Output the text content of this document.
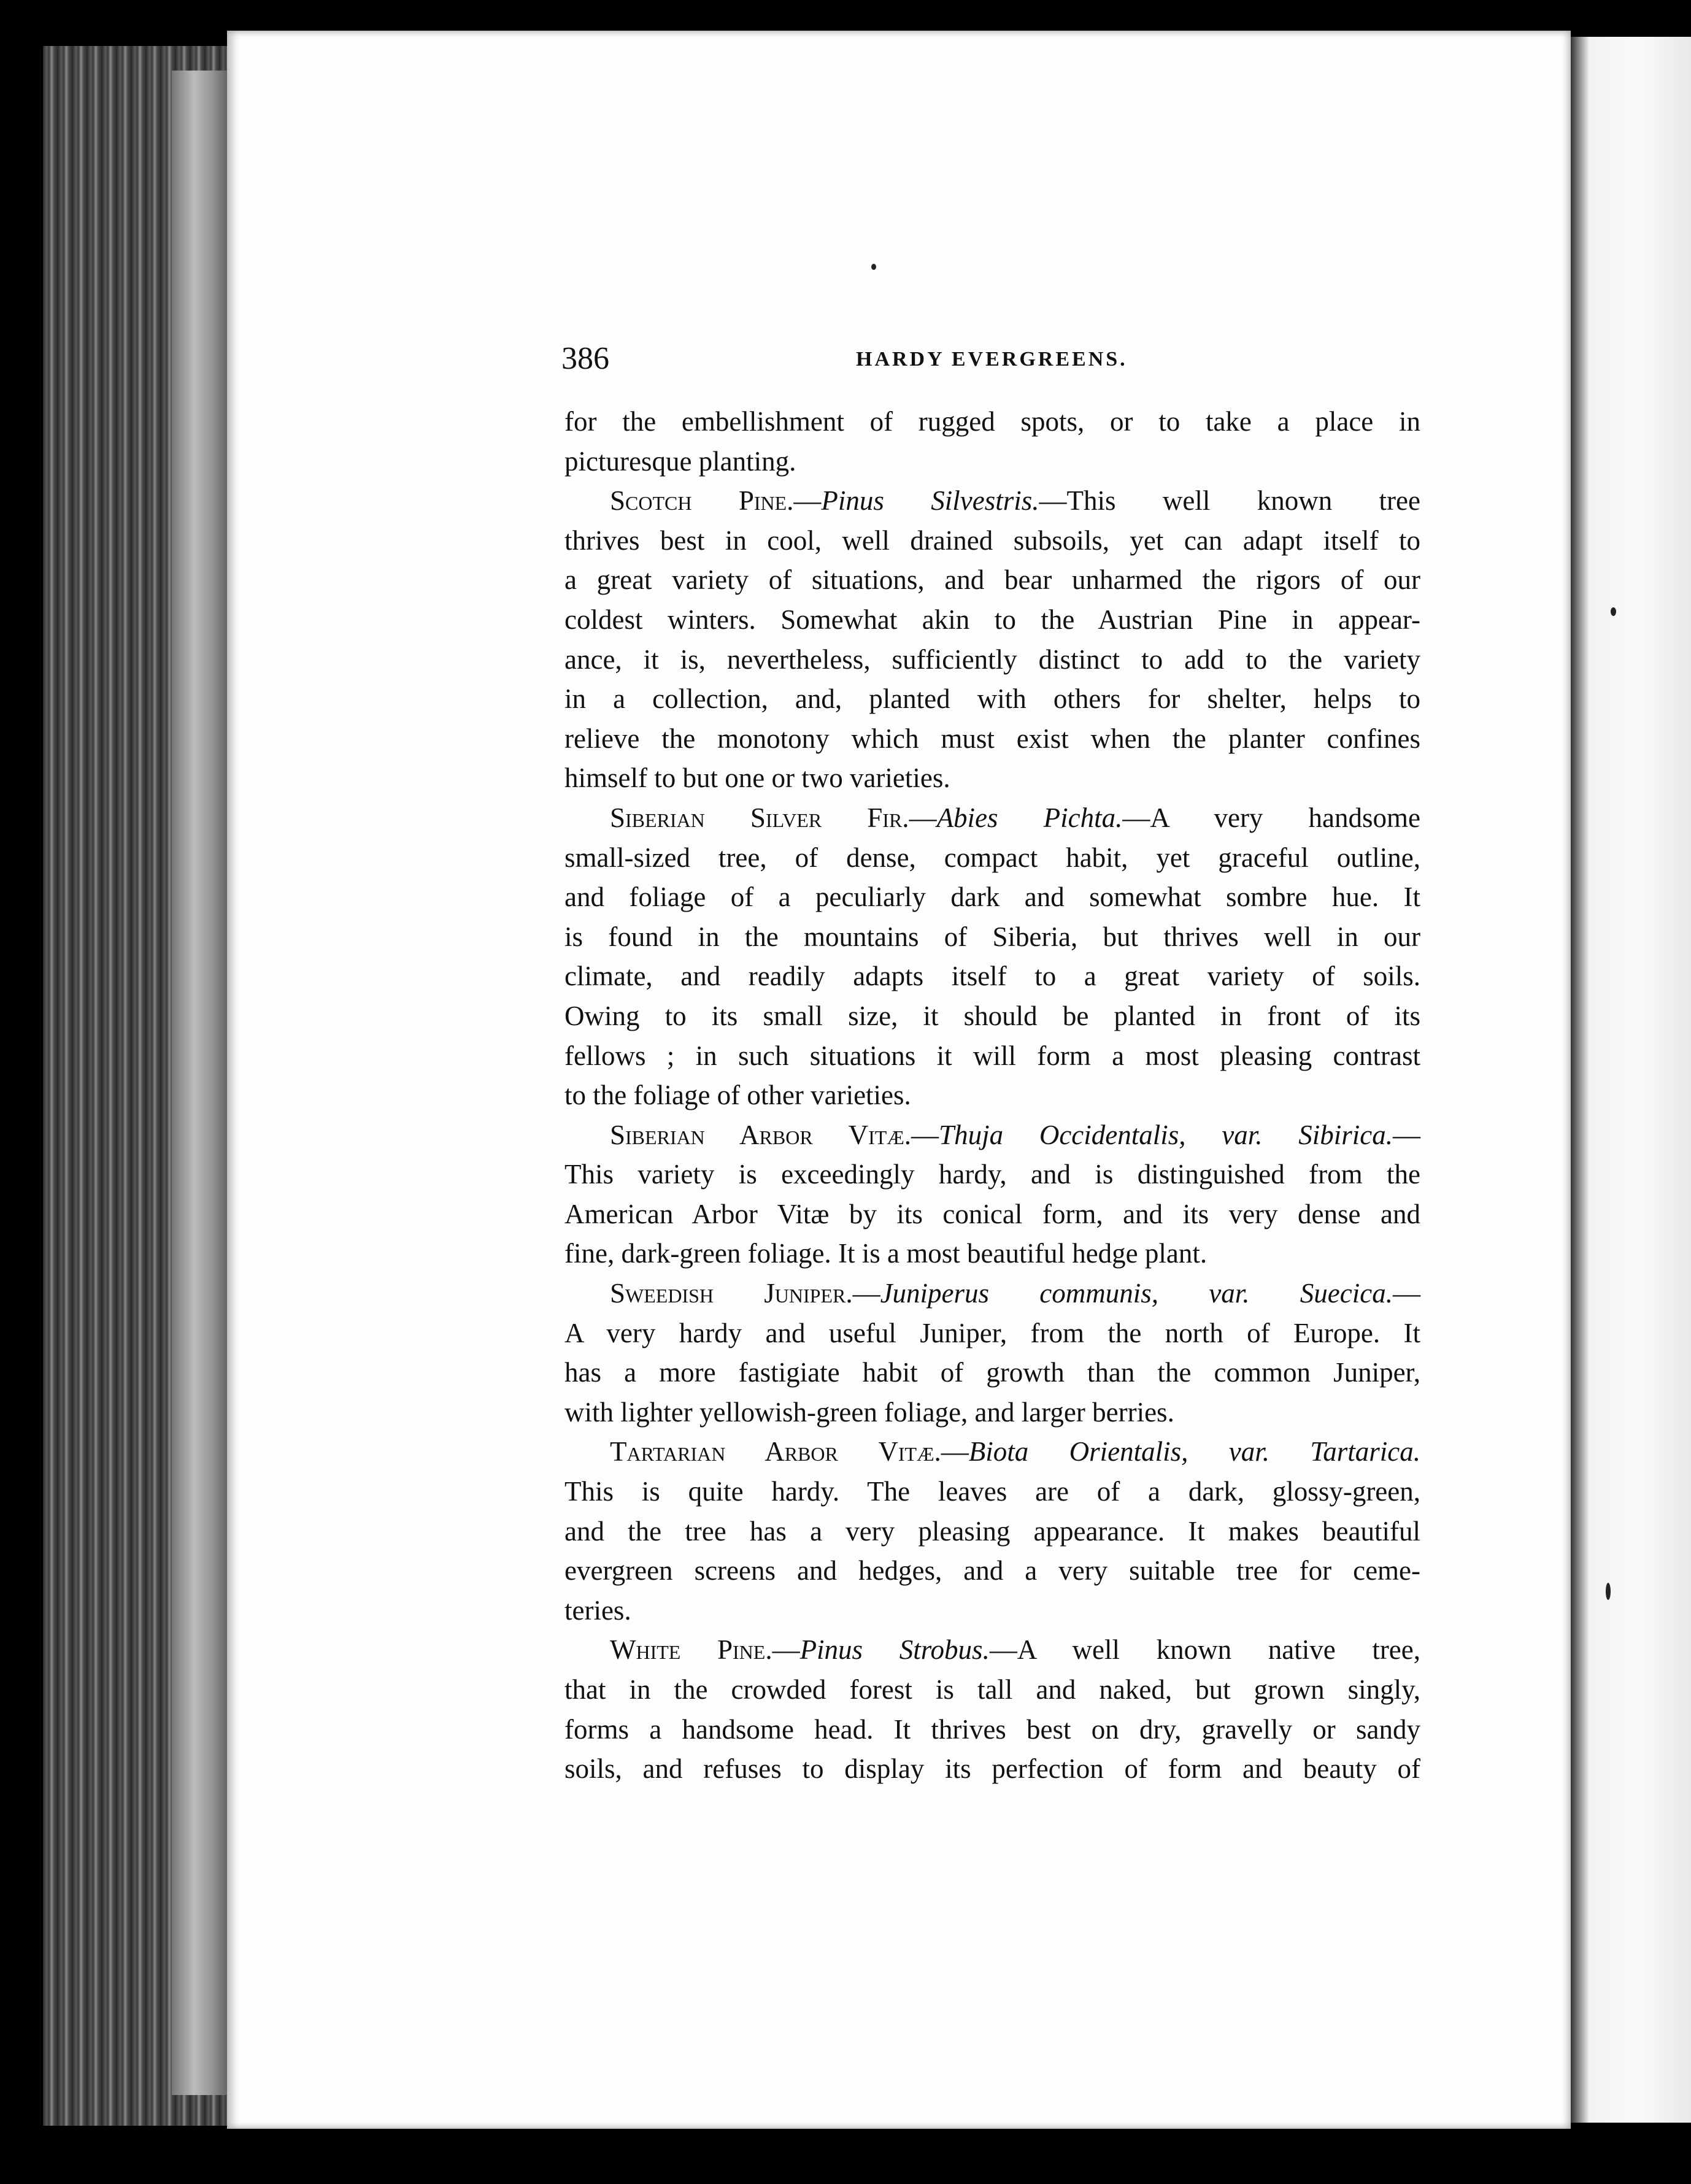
386	HARDY EVERGREENS.

for the embellishment of rugged spots, or to take a place in
picturesque planting.

Scotch Pine.—Pinus Silvestris.—This well known tree
thrives best in cool, well drained subsoils, yet can adapt itself to
a great variety of situations, and bear unharmed the rigors of our
coldest winters. Somewhat akin to the Austrian Pine in appear-
ance, it is, nevertheless, sufficiently distinct to add to the variety
in a collection, and, planted with others for shelter, helps to
relieve the monotony which must exist when the planter confines
himself to but one or two varieties.

Siberian Silver Fir.—Abies Pichta.—A very handsome
small-sized tree, of dense, compact habit, yet graceful outline,
and foliage of a peculiarly dark and somewhat sombre hue. It
is found in the mountains of Siberia, but thrives well in our
climate, and readily adapts itself to a great variety of soils.
Owing to its small size, it should be planted in front of its
fellows ; in such situations it will form a most pleasing contrast
to the foliage of other varieties.

Siberian Arbor Vitæ.—Thuja Occidentalis, var. Sibirica.—
This variety is exceedingly hardy, and is distinguished from the
American Arbor Vitæ by its conical form, and its very dense and
fine, dark-green foliage. It is a most beautiful hedge plant.

Sweedish Juniper.—Juniperus communis, var. Suecica.—
A very hardy and useful Juniper, from the north of Europe. It
has a more fastigiate habit of growth than the common Juniper,
with lighter yellowish-green foliage, and larger berries.

Tartarian Arbor Vitæ.—Biota Orientalis, var. Tartarica.
This is quite hardy. The leaves are of a dark, glossy-green,
and the tree has a very pleasing appearance. It makes beautiful
evergreen screens and hedges, and a very suitable tree for ceme-
teries.

White Pine.—Pinus Strobus.—A well known native tree,
that in the crowded forest is tall and naked, but grown singly,
forms a handsome head. It thrives best on dry, gravelly or sandy
soils, and refuses to display its perfection of form and beauty of
